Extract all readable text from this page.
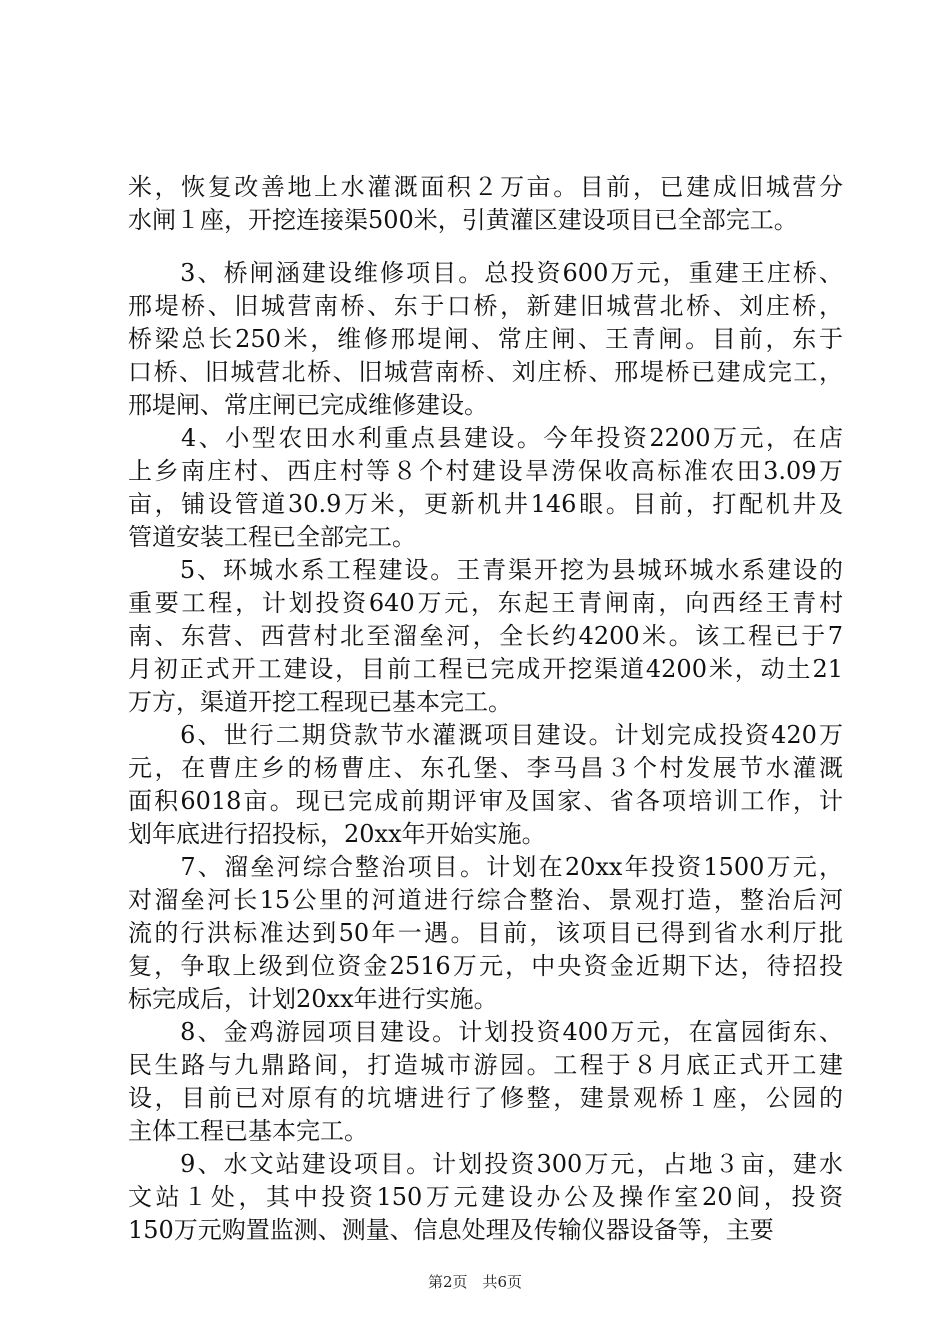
米，恢复改善地上水灌溉面积２万亩。目前，已建成旧城营分
水闸１座，开挖连接渠500米，引黄灌区建设项目已全部完工。
　　3、桥闸涵建设维修项目。总投资600万元，重建王庄桥、
邢堤桥、旧城营南桥、东于口桥，新建旧城营北桥、刘庄桥，
桥梁总长250米，维修邢堤闸、常庄闸、王青闸。目前，东于
口桥、旧城营北桥、旧城营南桥、刘庄桥、邢堤桥已建成完工，
邢堤闸、常庄闸已完成维修建设。
　　4、小型农田水利重点县建设。今年投资2200万元，在店
上乡南庄村、西庄村等８个村建设旱涝保收高标准农田3.09万
亩，铺设管道30.9万米，更新机井146眼。目前，打配机井及
管道安装工程已全部完工。
　　5、环城水系工程建设。王青渠开挖为县城环城水系建设的
重要工程，计划投资640万元，东起王青闸南，向西经王青村
南、东营、西营村北至溜垒河，全长约4200米。该工程已于7
月初正式开工建设，目前工程已完成开挖渠道4200米，动土21
万方，渠道开挖工程现已基本完工。
　　6、世行二期贷款节水灌溉项目建设。计划完成投资420万
元，在曹庄乡的杨曹庄、东孔堡、李马昌３个村发展节水灌溉
面积6018亩。现已完成前期评审及国家、省各项培训工作，计
划年底进行招投标，20xx年开始实施。
　　7、溜垒河综合整治项目。计划在20xx年投资1500万元，
对溜垒河长15公里的河道进行综合整治、景观打造，整治后河
流的行洪标准达到50年一遇。目前，该项目已得到省水利厅批
复，争取上级到位资金2516万元，中央资金近期下达，待招投
标完成后，计划20xx年进行实施。
　　8、金鸡游园项目建设。计划投资400万元，在富园街东、
民生路与九鼎路间，打造城市游园。工程于８月底正式开工建
设，目前已对原有的坑塘进行了修整，建景观桥１座，公园的
主体工程已基本完工。
　　9、水文站建设项目。计划投资300万元，占地３亩，建水
文站１处，其中投资150万元建设办公及操作室20间，投资
150万元购置监测、测量、信息处理及传输仪器设备等，主要
第2页　共6页
